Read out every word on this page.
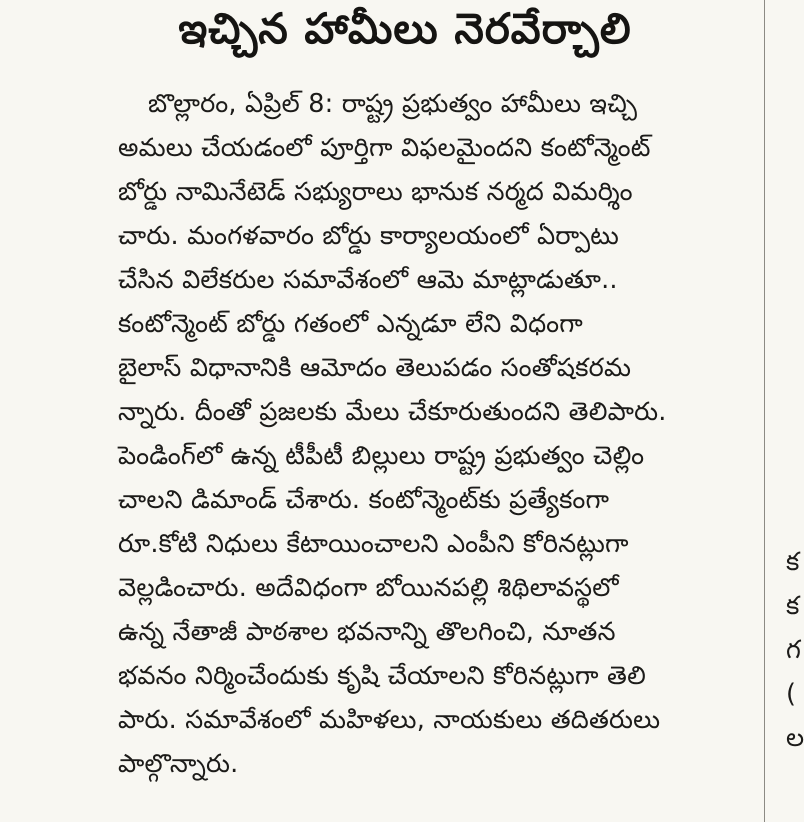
ఇచ్చిన హామీలు నెరవేర్చాలి
బొల్లారం, ఏప్రిల్ 8: రాష్ట్ర ప్రభుత్వం హామీలు ఇచ్చి
అమలు చేయడంలో పూర్తిగా విఫలమైందని కంటోన్మెంట్
బోర్డు నామినేటెడ్ సభ్యురాలు భానుక నర్మద విమర్శిం
చారు. మంగళవారం బోర్డు కార్యాలయంలో ఏర్పాటు
చేసిన విలేకరుల సమావేశంలో ఆమె మాట్లాడుతూ..
కంటోన్మెంట్ బోర్డు గతంలో ఎన్నడూ లేని విధంగా
బైలాస్ విధానానికి ఆమోదం తెలుపడం సంతోషకరమ
న్నారు. దీంతో ప్రజలకు మేలు చేకూరుతుందని తెలిపారు.
పెండింగ్‌లో ఉన్న టీపీటీ బిల్లులు రాష్ట్ర ప్రభుత్వం చెల్లిం
చాలని డిమాండ్ చేశారు. కంటోన్మెంట్‌కు ప్రత్యేకంగా
రూ.కోటి నిధులు కేటాయించాలని ఎంపీని కోరినట్లుగా
వెల్లడించారు. అదేవిధంగా బోయినపల్లి శిథిలావస్థలో
ఉన్న నేతాజీ పాఠశాల భవనాన్ని తొలగించి, నూతన
భవనం నిర్మించేందుకు కృషి చేయాలని కోరినట్లుగా తెలి
పారు. సమావేశంలో మహిళలు, నాయకులు తదితరులు
పాల్గొన్నారు.
క
క
గ
(
ల
